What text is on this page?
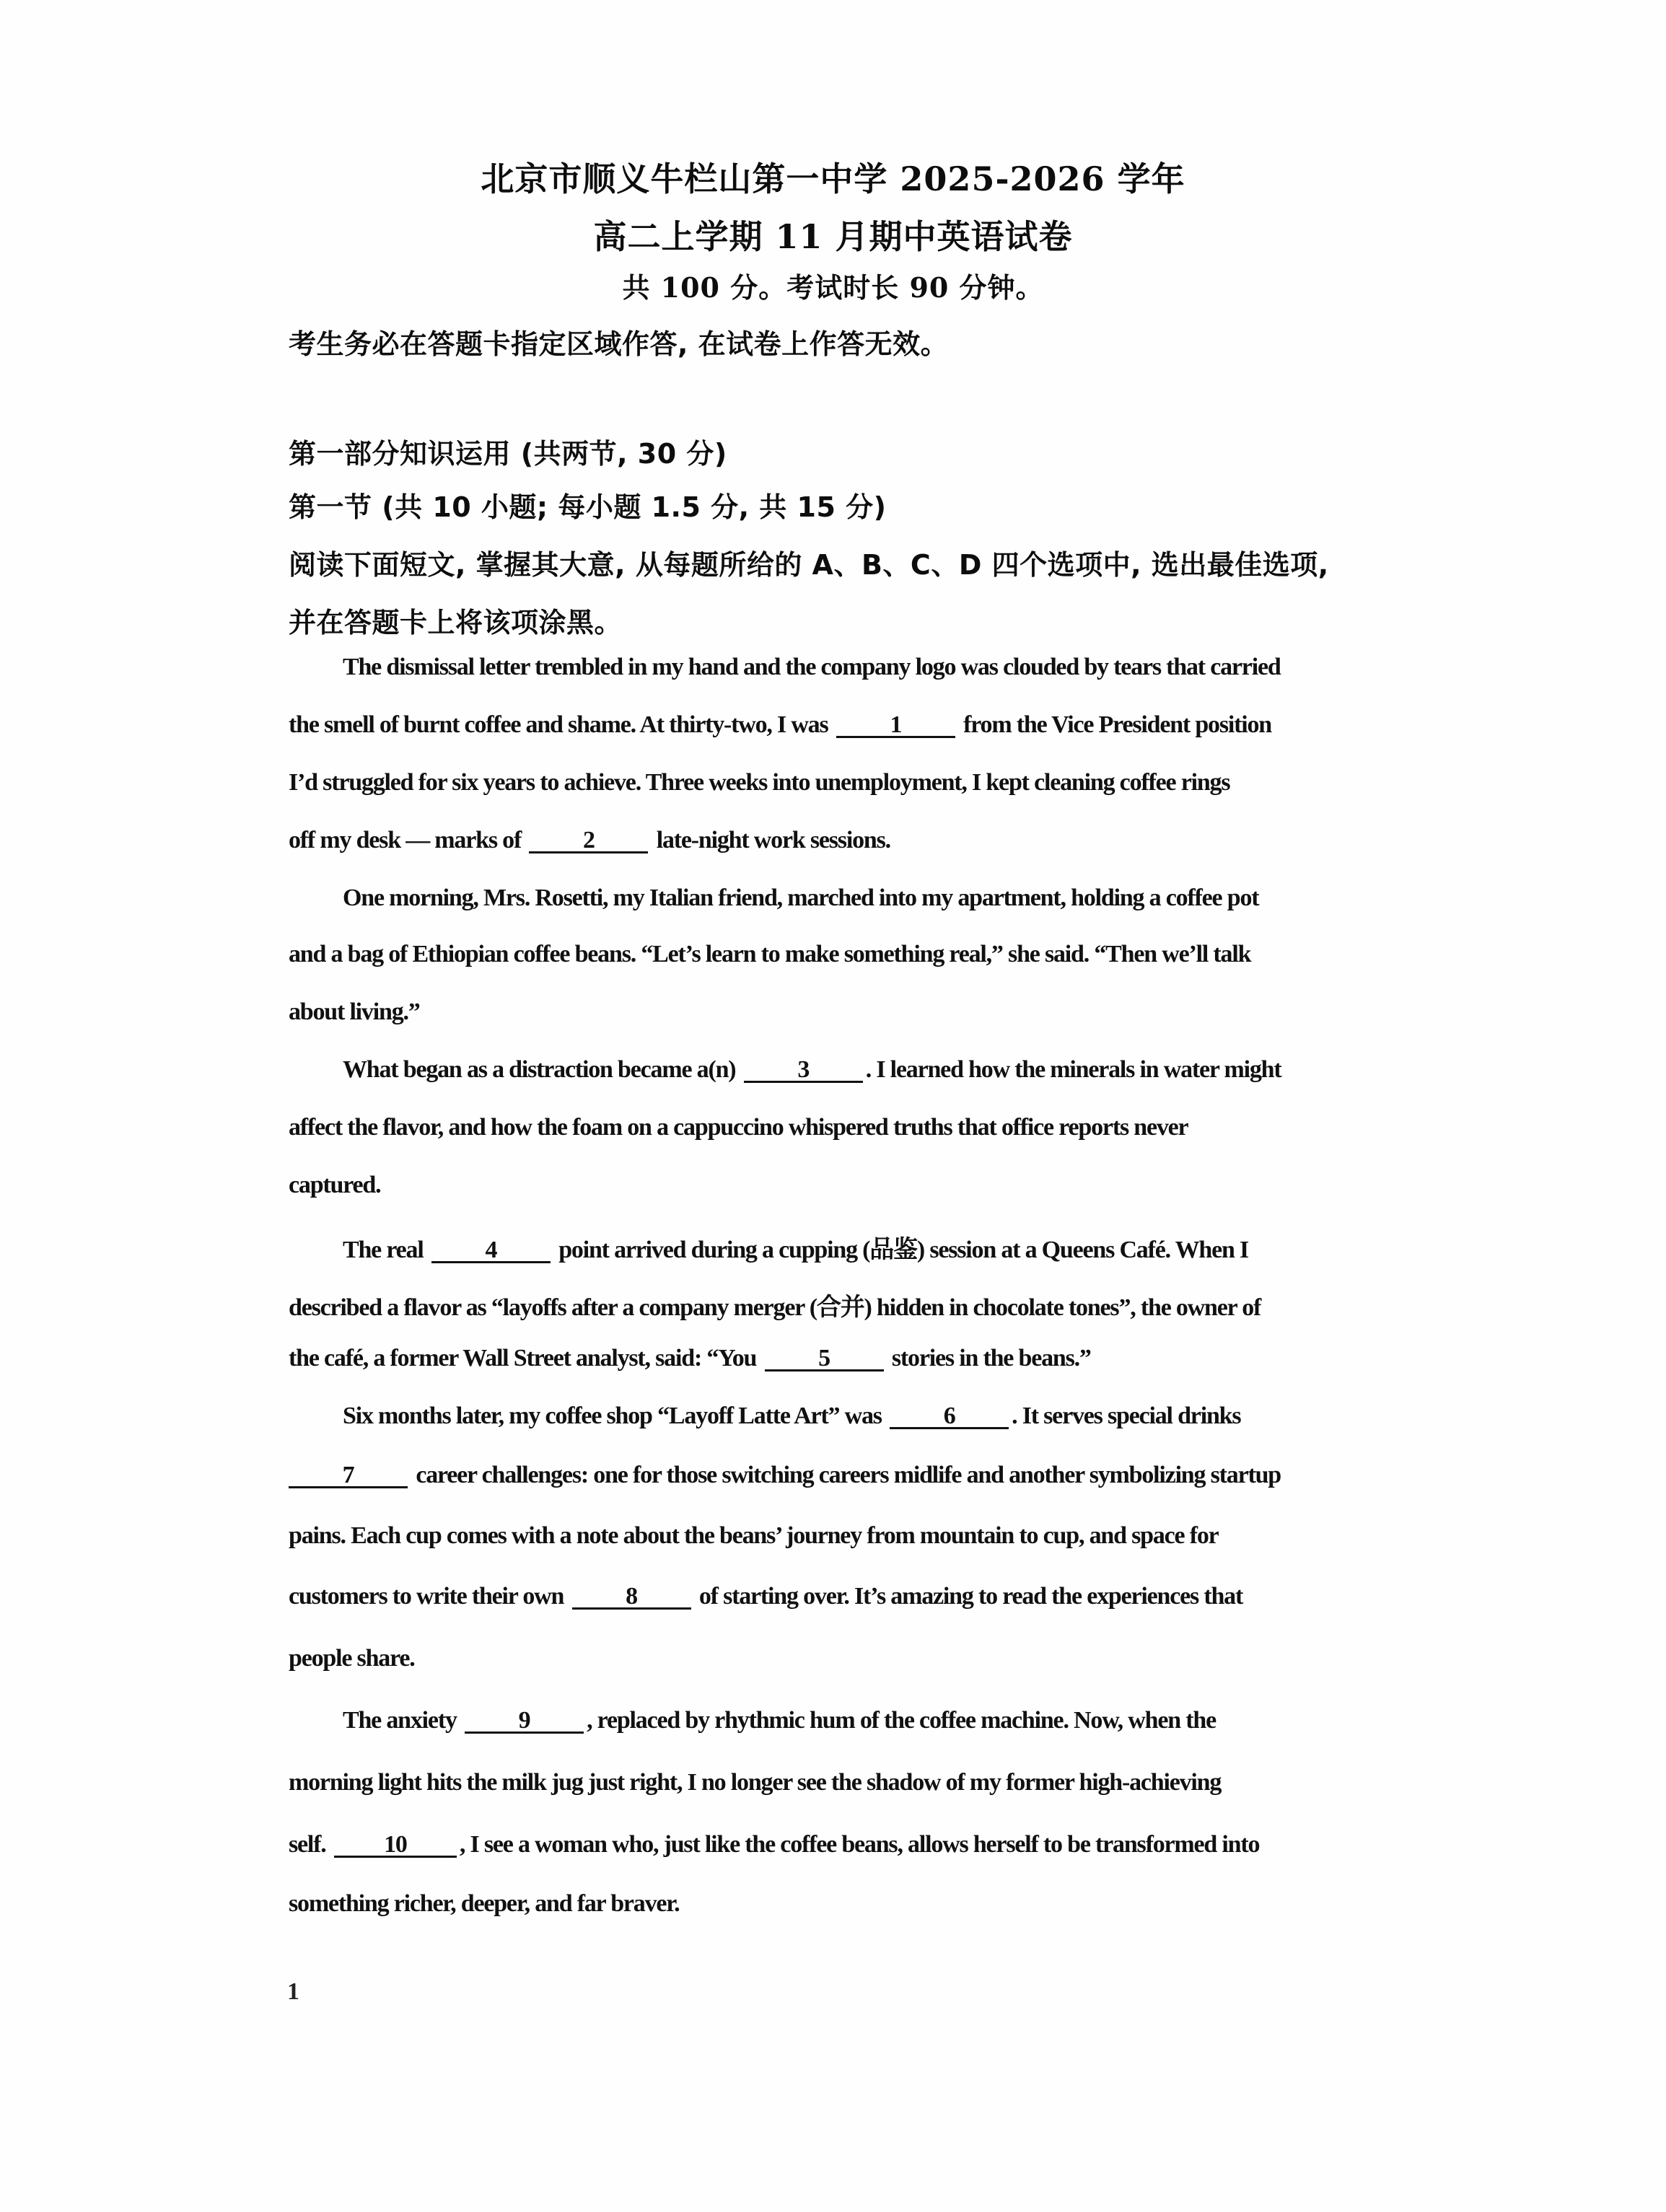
北京市顺义牛栏山第一中学 2025-2026 学年
高二上学期 11 月期中英语试卷
共 100 分。考试时长 90 分钟。
考生务必在答题卡指定区域作答, 在试卷上作答无效。
第一部分知识运用 (共两节, 30 分)
第一节 (共 10 小题; 每小题 1.5 分, 共 15 分)
阅读下面短文, 掌握其大意, 从每题所给的 A、B、C、D 四个选项中, 选出最佳选项,
并在答题卡上将该项涂黑。
The dismissal letter trembled in my hand and the company logo was clouded by tears that carried
the smell of burnt coffee and shame. At thirty-two, I was	1	from the Vice President position
I’d struggled for six years to achieve. Three weeks into unemployment, I kept cleaning coffee rings
off my desk — marks of	2	late-night work sessions.
One morning, Mrs. Rosetti, my Italian friend, marched into my apartment, holding a coffee pot
and a bag of Ethiopian coffee beans. “Let’s learn to make something real,” she said. “Then we’ll talk
about living.”
What began as a distraction became a(n)	3 . I learned how the minerals in water might
affect the flavor, and how the foam on a cappuccino whispered truths that office reports never
captured.
The real	4	point arrived during a cupping (品鉴) session at a Queens Café. When I
described a flavor as “layoffs after a company merger (合并) hidden in chocolate tones”, the owner of
the café, a former Wall Street analyst, said: “You	5	stories in the beans.”
Six months later, my coffee shop “Layoff Latte Art” was	6 . It serves special drinks
7	career challenges: one for those switching careers midlife and another symbolizing startup
pains. Each cup comes with a note about the beans’ journey from mountain to cup, and space for
customers to write their own	8	of starting over. It’s amazing to read the experiences that
people share.
The anxiety	9 , replaced by rhythmic hum of the coffee machine. Now, when the
morning light hits the milk jug just right, I no longer see the shadow of my former high-achieving
self. 10 , I see a woman who, just like the coffee beans, allows herself to be transformed into
something richer, deeper, and far braver.
1
